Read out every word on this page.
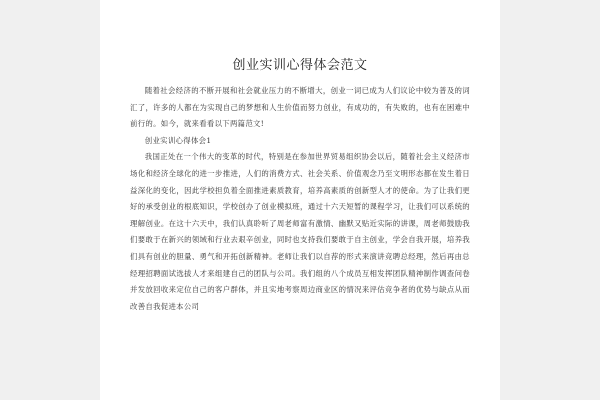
创业实训心得体会范文

随着社会经济的不断开展和社会就业压力的不断增大，创业一词已成为人们议论中较为普及的词汇了，许多的人都在为实现自己的梦想和人生价值而努力创业，有成功的，有失败的，也有在困难中前行的。如今，就来看看以下两篇范文!

创业实训心得体会1

我国正处在一个伟大的变革的时代，特别是在参加世界贸易组织协会以后，随着社会主义经济市场化和经济全球化的进一步推进，人们的消费方式、社会关系、价值观念乃至文明形态都在发生着日益深化的变化，因此学校担负着全面推进素质教育，培养高素质的创新型人才的使命。为了让我们更好的承受创业的根底知识，学校创办了创业模拟班，通过十六天短暂的课程学习，让我们可以系统的理解创业。在这十六天中，我们认真聆听了周老师富有激情、幽默又贴近实际的讲课，周老师鼓励我们要敢于在新兴的领域和行业去艰辛创业，同时也支持我们要敢于自主创业，学会自我开展，培养我们具有创业的胆量、勇气和开拓创新精神。老师让我们以自荐的形式来演讲竞聘总经理，然后再由总经理招聘面试选拔人才来组建自己的团队与公司。我们组的八个成员互相发挥团队精神制作调查问卷并发放回收来定位自己的客户群体，并且实地考察周边商业区的情况来评估竞争者的优势与缺点从而改善自我促进本公司
